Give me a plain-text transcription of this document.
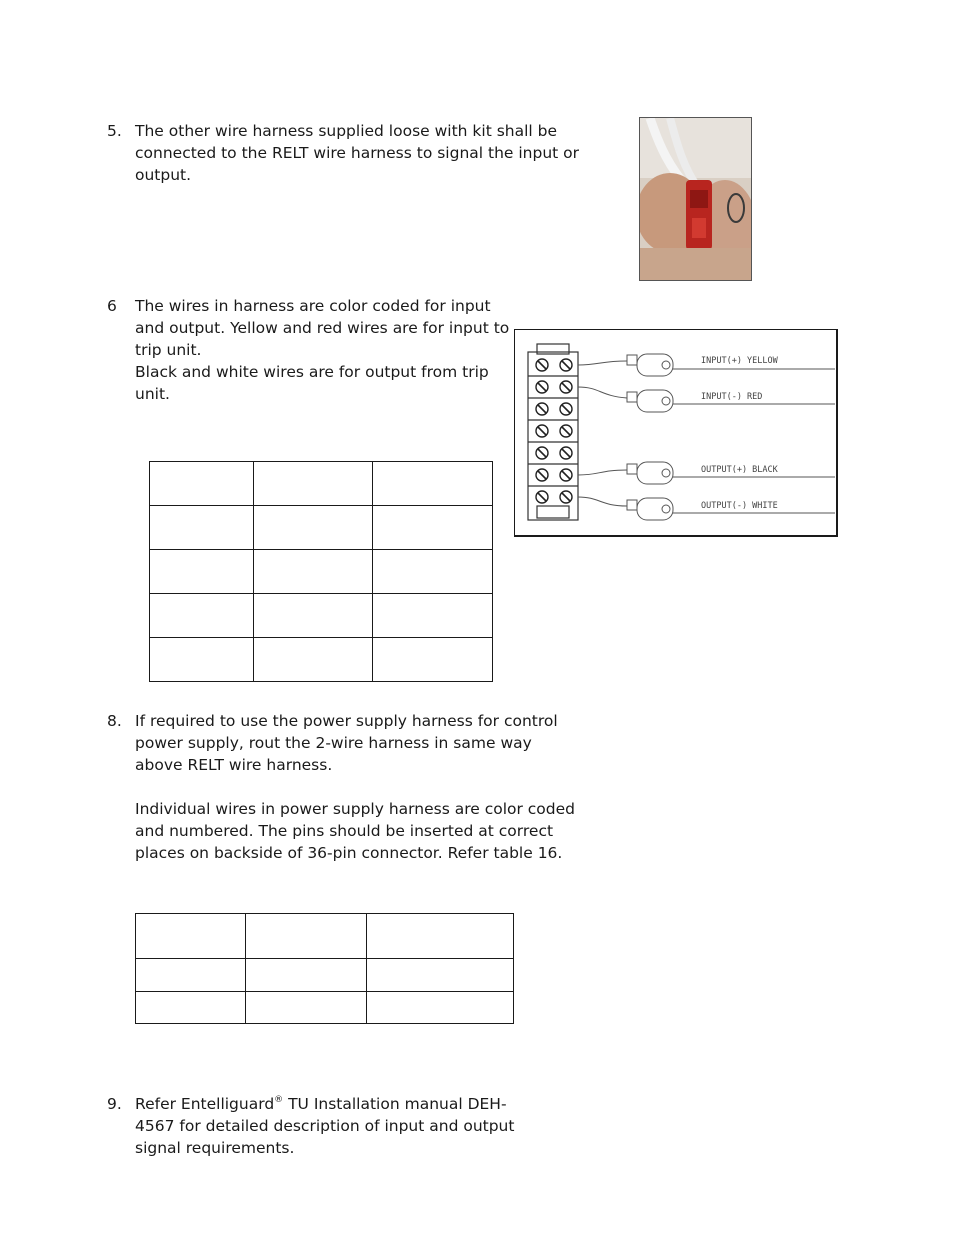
5. The other wire harness supplied loose with kit shall be
connected to the RELT wire harness to signal the input or
output.
6 The wires in harness are color coded for input
and output. Yellow and red wires are for input to
trip unit.
Black and white wires are for output from trip
unit.
INPUT(+) YELLOW
INPUT(-) RED
OUTPUT(+) BLACK
OUTPUT(-) WHITE

8. If required to use the power supply harness for control
power supply, rout the 2-wire harness in same way
above RELT wire harness.
Individual wires in power supply harness are color coded
and numbered. The pins should be inserted at correct
places on backside of 36-pin connector. Refer table 16.

9. Refer Entelliguard® TU Installation manual DEH-
4567 for detailed description of input and output
signal requirements.
